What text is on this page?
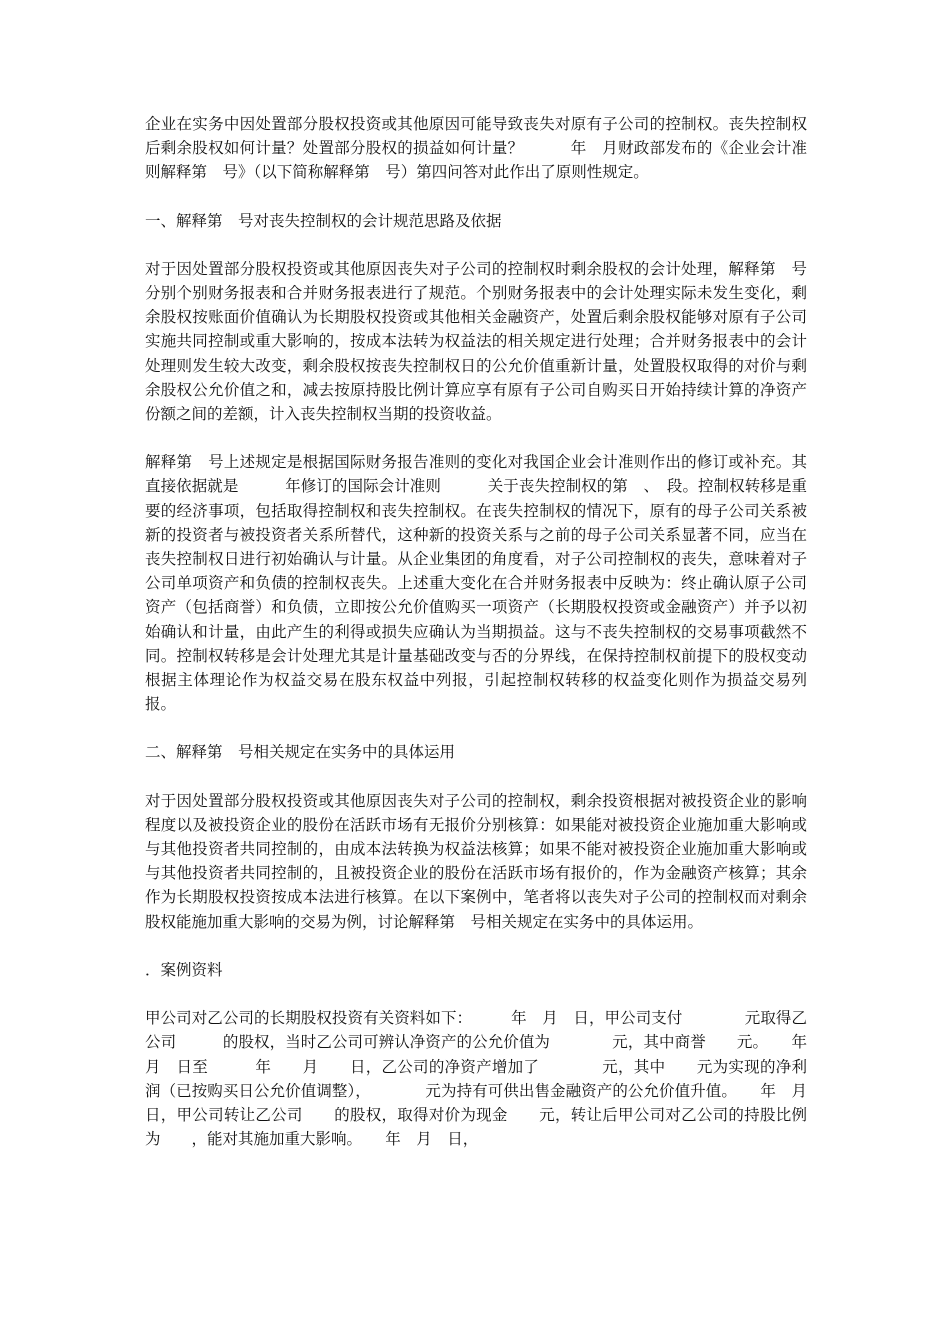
企业在实务中因处置部分股权投资或其他原因可能导致丧失对原有子公司的控制权。丧失控制权后剩余股权如何计量？处置部分股权的损益如何计量？　　　年　月财政部发布的《企业会计准则解释第　号》（以下简称解释第　号）第四问答对此作出了原则性规定。

一、解释第　号对丧失控制权的会计规范思路及依据

对于因处置部分股权投资或其他原因丧失对子公司的控制权时剩余股权的会计处理，解释第　号分别个别财务报表和合并财务报表进行了规范。个别财务报表中的会计处理实际未发生变化，剩余股权按账面价值确认为长期股权投资或其他相关金融资产，处置后剩余股权能够对原有子公司实施共同控制或重大影响的，按成本法转为权益法的相关规定进行处理；合并财务报表中的会计处理则发生较大改变，剩余股权按丧失控制权日的公允价值重新计量，处置股权取得的对价与剩余股权公允价值之和，减去按原持股比例计算应享有原有子公司自购买日开始持续计算的净资产份额之间的差额，计入丧失控制权当期的投资收益。

解释第　号上述规定是根据国际财务报告准则的变化对我国企业会计准则作出的修订或补充。其直接依据就是　　　年修订的国际会计准则　　　关于丧失控制权的第　、　段。控制权转移是重要的经济事项，包括取得控制权和丧失控制权。在丧失控制权的情况下，原有的母子公司关系被新的投资者与被投资者关系所替代，这种新的投资关系与之前的母子公司关系显著不同，应当在丧失控制权日进行初始确认与计量。从企业集团的角度看，对子公司控制权的丧失，意味着对子公司单项资产和负债的控制权丧失。上述重大变化在合并财务报表中反映为：终止确认原子公司资产（包括商誉）和负债，立即按公允价值购买一项资产（长期股权投资或金融资产）并予以初始确认和计量，由此产生的利得或损失应确认为当期损益。这与不丧失控制权的交易事项截然不同。控制权转移是会计处理尤其是计量基础改变与否的分界线，在保持控制权前提下的股权变动根据主体理论作为权益交易在股东权益中列报，引起控制权转移的权益变化则作为损益交易列报。

二、解释第　号相关规定在实务中的具体运用

对于因处置部分股权投资或其他原因丧失对子公司的控制权，剩余投资根据对被投资企业的影响程度以及被投资企业的股份在活跃市场有无报价分别核算：如果能对被投资企业施加重大影响或与其他投资者共同控制的，由成本法转换为权益法核算；如果不能对被投资企业施加重大影响或与其他投资者共同控制的，且被投资企业的股份在活跃市场有报价的，作为金融资产核算；其余作为长期股权投资按成本法进行核算。在以下案例中，笔者将以丧失对子公司的控制权而对剩余股权能施加重大影响的交易为例，讨论解释第　号相关规定在实务中的具体运用。

．案例资料

甲公司对乙公司的长期股权投资有关资料如下：　　　年　月　日，甲公司支付　　　　元取得乙公司　　　的股权，当时乙公司可辨认净资产的公允价值为　　　　元，其中商誉　　元。　　年　月　日至　　　年　　月　　日，乙公司的净资产增加了　　　　元，其中　　元为实现的净利润（已按购买日公允价值调整），　　　　元为持有可供出售金融资产的公允价值升值。　　年　月　日，甲公司转让乙公司　　的股权，取得对价为现金　　元，转让后甲公司对乙公司的持股比例为　　，能对其施加重大影响。　　年　月　日，
